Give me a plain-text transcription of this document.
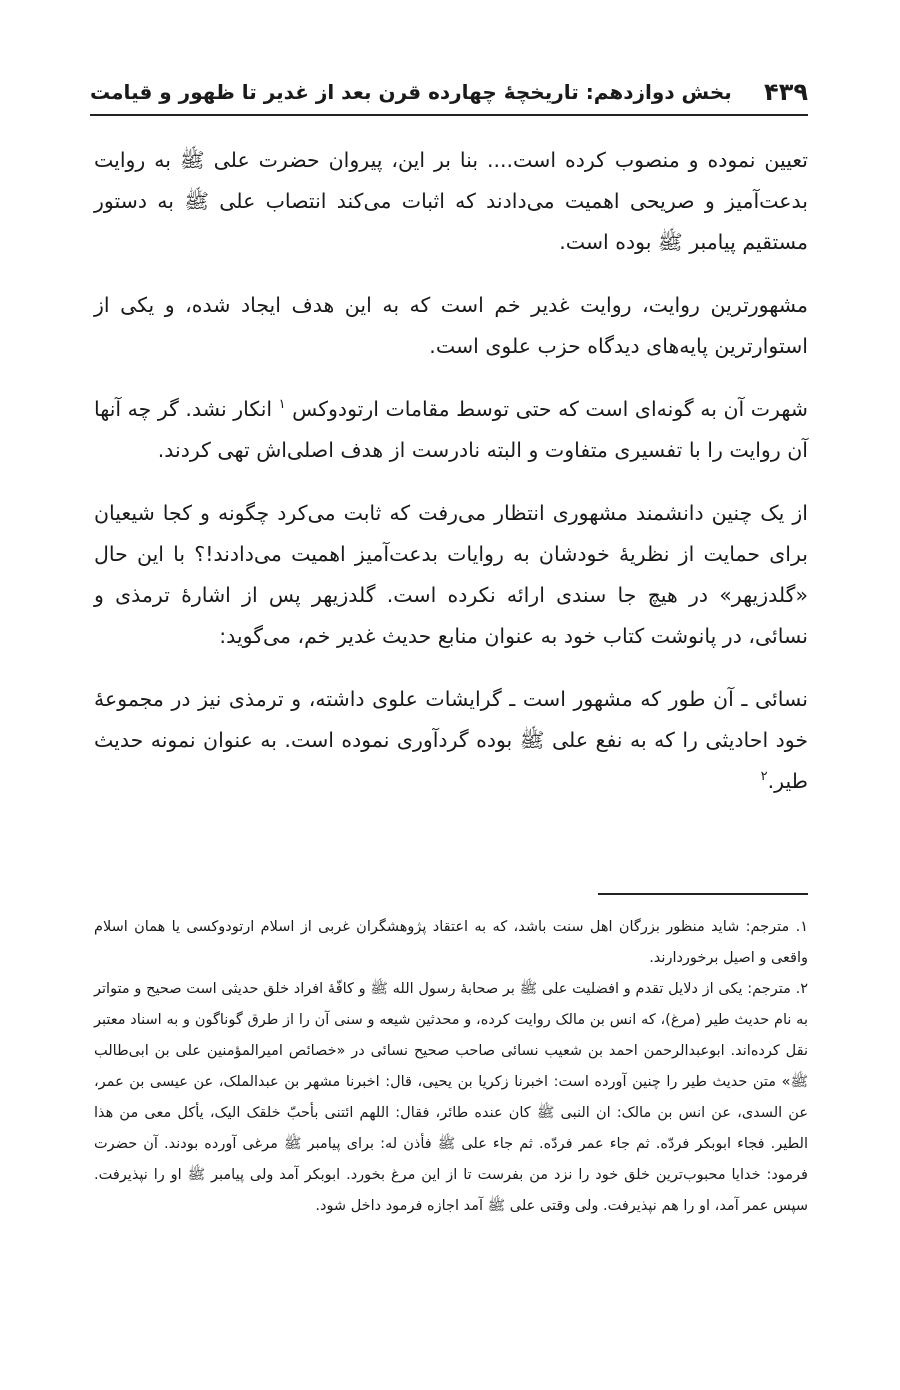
بخش دوازدهم: تاریخچهٔ چهارده قرن بعد از غدیر تا ظهور و قیامت ۴۳۹

تعیین نموده و منصوب کرده است.... بنا بر این، پیروان حضرت علی ﷺ به روایت بدعت‌آمیز و صریحی اهمیت می‌دادند که اثبات می‌کند انتصاب علی ﷺ به دستور مستقیم پیامبر ﷺ بوده است.

مشهورترین روایت، روایت غدیر خم است که به این هدف ایجاد شده، و یکی از استوارترین پایه‌های دیدگاه حزب علوی است.

شهرت آن به گونه‌ای است که حتی توسط مقامات ارتودوکس $^۱$ انکار نشد. گر چه آنها آن روایت را با تفسیری متفاوت و البته نادرست از هدف اصلی‌اش تهی کردند.

از یک چنین دانشمند مشهوری انتظار می‌رفت که ثابت می‌کرد چگونه و کجا شیعیان برای حمایت از نظریهٔ خودشان به روایات بدعت‌آمیز اهمیت می‌دادند!؟ با این حال «گلدزیهر» در هیچ جا سندی ارائه نکرده است. گلدزیهر پس از اشارهٔ ترمذی و نسائی، در پانوشت کتاب خود به عنوان منابع حدیث غدیر خم، می‌گوید:

نسائی ـ آن طور که مشهور است ـ گرایشات علوی داشته، و ترمذی نیز در مجموعهٔ خود احادیثی را که به نفع علی ﷺ بوده گردآوری نموده است. به عنوان نمونه حدیث طیر.$^۲$

۱. مترجم: شاید منظور بزرگان اهل سنت باشد، که به اعتقاد پژوهشگران غربی از اسلام ارتودوکسی یا همان اسلام واقعی و اصیل برخوردارند.

۲. مترجم: یکی از دلایل تقدم و افضلیت علی ﷺ بر صحابهٔ رسول الله ﷺ و کافّهٔ افراد خلق حدیثی است صحیح و متواتر به نام حدیث طیر (مرغ)، که انس بن مالک روایت کرده، و محدثین شیعه و سنی آن را از طرق گوناگون و به اسناد معتبر نقل کرده‌اند. ابوعبدالرحمن احمد بن شعیب نسائی صاحب صحیح نسائی در «خصائص امیرالمؤمنین علی بن ابی‌طالب ﷺ» متن حدیث طیر را چنین آورده است: اخبرنا زکریا بن یحیی، قال: اخبرنا مشهر بن عبدالملک، عن عیسی بن عمر، عن السدی، عن انس بن مالک: ان النبی ﷺ کان عنده طائر، فقال: اللهم ائتنی بأحبّ خلقک الیک، یأکل معی من هذا الطیر. فجاء ابوبکر فردّه. ثم جاء عمر فردّه. ثم جاء علی ﷺ فأذن له: برای پیامبر ﷺ مرغی آورده بودند. آن حضرت فرمود: خدایا محبوب‌ترین خلق خود را نزد من بفرست تا از این مرغ بخورد. ابوبکر آمد ولی پیامبر ﷺ او را نپذیرفت. سپس عمر آمد، او را هم نپذیرفت. ولی وقتی علی ﷺ آمد اجازه فرمود داخل شود.
